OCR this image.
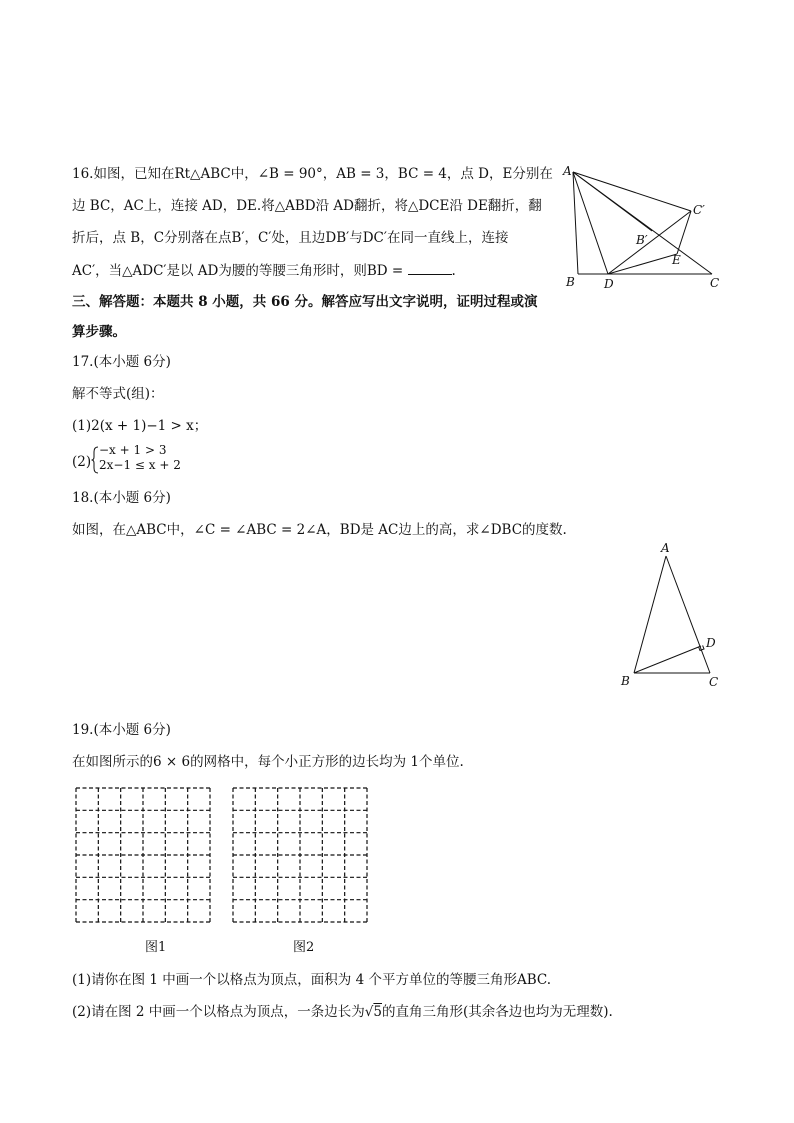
16.如图，已知在Rt△ABC中，∠B = 90°，AB = 3，BC = 4，点 D，E分别在
边 BC，AC上，连接 AD，DE.将△ABD沿 AD翻折，将△DCE沿 DE翻折，翻
折后，点 B，C分别落在点B′，C′处，且边DB′与DC′在同一直线上，连接
AC′，当△ADC′是以 AD为腰的等腰三角形时，则BD =	.
A
B	C
D
E
B′
C′
三、解答题：本题共 8 小题，共 66 分。解答应写出文字说明，证明过程或演
算步骤。
17.(本小题 6分)
解不等式(组)：
(1)2(x + 1)−1 > x；
(2)
−x + 1 > 3
2x−1 ≤ x + 2
18.(本小题 6分)
如图，在△ABC中，∠C = ∠ABC = 2∠A，BD是 AC边上的高，求∠DBC的度数.
A
B	C
D
19.(本小题 6分)
在如图所示的6 × 6的网格中，每个小正方形的边长均为 1个单位.
图1	图2
(1)请你在图 1 中画一个以格点为顶点，面积为 4 个平方单位的等腰三角形ABC.
(2)请在图 2 中画一个以格点为顶点，一条边长为√5的直角三角形(其余各边也均为无理数).
